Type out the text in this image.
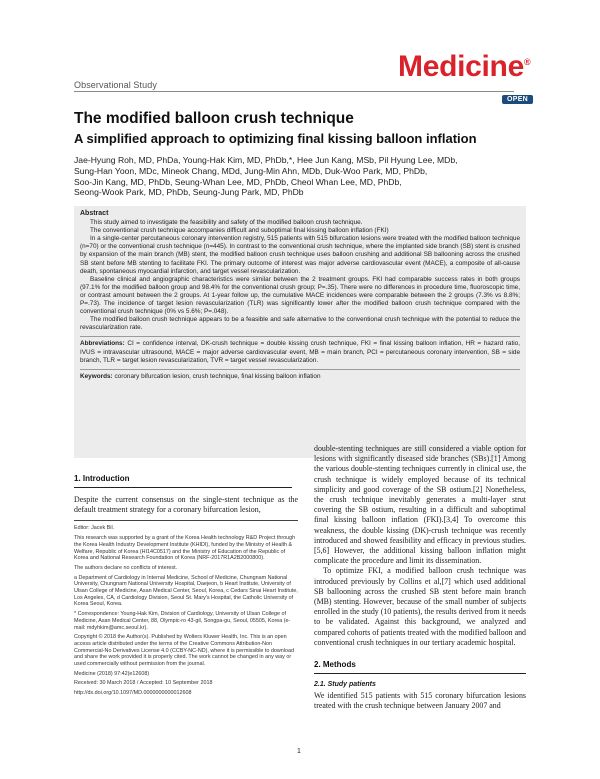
Observational Study
Medicine®
OPEN
The modified balloon crush technique
A simplified approach to optimizing final kissing balloon inflation
Jae-Hyung Roh, MD, PhDa, Young-Hak Kim, MD, PhDb,*, Hee Jun Kang, MSb, Pil Hyung Lee, MDb,
Sung-Han Yoon, MDc, Mineok Chang, MDd, Jung-Min Ahn, MDb, Duk-Woo Park, MD, PhDb,
Soo-Jin Kang, MD, PhDb, Seung-Whan Lee, MD, PhDb, Cheol Whan Lee, MD, PhDb,
Seong-Wook Park, MD, PhDb, Seung-Jung Park, MD, PhDb
Abstract

This study aimed to investigate the feasibility and safety of the modified balloon crush technique.

The conventional crush technique accompanies difficult and suboptimal final kissing balloon inflation (FKI)

In a single-center percutaneous coronary intervention registry, 515 patients with 515 bifurcation lesions were treated with the modified balloon technique (n=70) or the conventional crush technique (n=445). In contrast to the conventional crush technique, where the implanted side branch (SB) stent is crushed by expansion of the main branch (MB) stent, the modified balloon crush technique uses balloon crushing and additional SB ballooning across the crushed SB stent before MB stenting to facilitate FKI. The primary outcome of interest was major adverse cardiovascular event (MACE), a composite of all-cause death, spontaneous myocardial infarction, and target vessel revascularization.

Baseline clinical and angiographic characteristics were similar between the 2 treatment groups. FKI had comparable success rates in both groups (97.1% for the modified balloon group and 98.4% for the conventional crush group; P=.35). There were no differences in procedure time, fluoroscopic time, or contrast amount between the 2 groups. At 1-year follow up, the cumulative MACE incidences were comparable between the 2 groups (7.3% vs 8.8%; P=.73). The incidence of target lesion revascularization (TLR) was significantly lower after the modified balloon crush technique compared with the conventional crush technique (0% vs 5.6%; P=.048).

The modified balloon crush technique appears to be a feasible and safe alternative to the conventional crush technique with the potential to reduce the revascularization rate.

Abbreviations: CI = confidence interval, DK-crush technique = double kissing crush technique, FKI = final kissing balloon inflation, HR = hazard ratio, IVUS = intravascular ultrasound, MACE = major adverse cardiovascular event, MB = main branch, PCI = percutaneous coronary intervention, SB = side branch, TLR = target lesion revascularization, TVR = target vessel revascularization.
Keywords: coronary bifurcation lesion, crush technique, final kissing balloon inflation
1. Introduction

Despite the current consensus on the single-stent technique as the default treatment strategy for a coronary bifurcation lesion,

Editor: Jacek Bil.
This research was supported by a grant of the Korea Health technology R&D Project through the Korea Health Industry Development Institute (KHIDI), funded by the Ministry of Health & Welfare, Republic of Korea (HI14C0517) and the Ministry of Education of the Republic of Korea and National Research Foundation of Korea (NRF-2017R1A2B2000800).
The authors declare no conflicts of interest.
a Department of Cardiology in Internal Medicine, School of Medicine, Chungnam National University, Chungnam National University Hospital, Daejeon, b Heart Institute, University of Ulsan College of Medicine, Asan Medical Center, Seoul, Korea, c Cedars Sinai Heart Institute, Los Angeles, CA, d Cardiology Division, Seoul St. Mary's Hospital, the Catholic University of Korea Seoul, Korea.
* Correspondence: Young-Hak Kim, Division of Cardiology, University of Ulsan College of Medicine, Asan Medical Center, 88, Olympic-ro 43-gil, Songpa-gu, Seoul, 05505, Korea (e-mail: mdyhkim@amc.seoul.kr).
Copyright © 2018 the Author(s). Published by Wolters Kluwer Health, Inc. This is an open access article distributed under the terms of the Creative Commons Attribution-Non Commercial-No Derivatives License 4.0 (CCBY-NC-ND), where it is permissible to download and share the work provided it is properly cited. The work cannot be changed in any way or used commercially without permission from the journal.
Medicine (2018) 97:42(e12608)
Received: 30 March 2018 / Accepted: 10 September 2018
http://dx.doi.org/10.1097/MD.0000000000012608

double-stenting techniques are still considered a viable option for lesions with significantly diseased side branches (SBs).[1] Among the various double-stenting techniques currently in clinical use, the crush technique is widely employed because of its technical simplicity and good coverage of the SB ostium.[2] Nonetheless, the crush technique inevitably generates a multi-layer strut covering the SB ostium, resulting in a difficult and suboptimal final kissing balloon inflation (FKI).[3,4] To overcome this weakness, the double kissing (DK)-crush technique was recently introduced and showed feasibility and efficacy in previous studies.[5,6] However, the additional kissing balloon inflation might complicate the procedure and limit its dissemination.

To optimize FKI, a modified balloon crush technique was introduced previously by Collins et al,[7] which used additional SB ballooning across the crushed SB stent before main branch (MB) stenting. However, because of the small number of subjects enrolled in the study (10 patients), the results derived from it needs to be validated. Against this background, we analyzed and compared cohorts of patients treated with the modified balloon and conventional crush techniques in our tertiary academic hospital.

2. Methods
2.1. Study patients

We identified 515 patients with 515 coronary bifurcation lesions treated with the crush technique between January 2007 and

1
